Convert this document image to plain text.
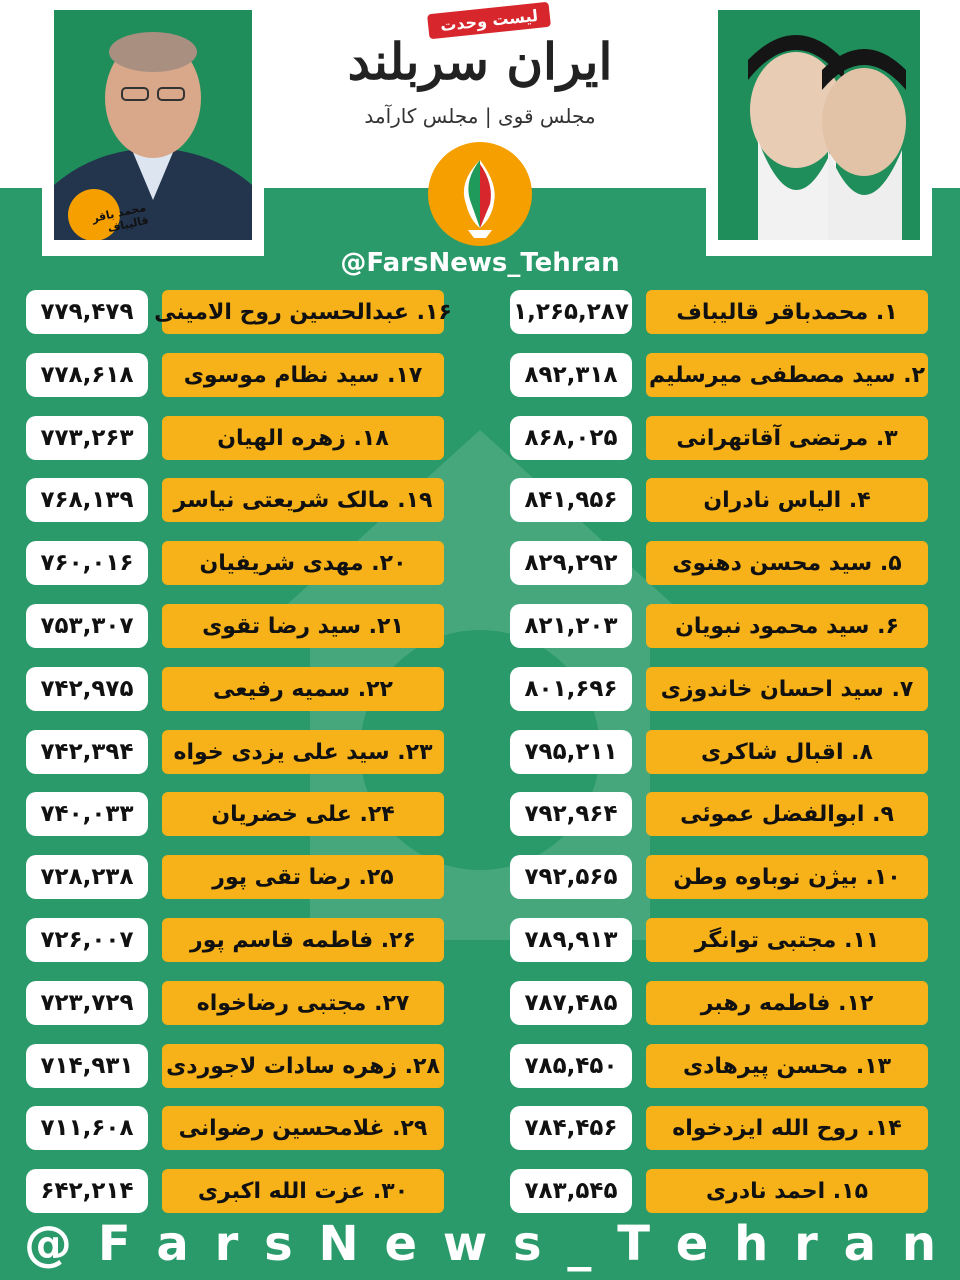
محمد باقر قالیباف
لیست وحدت
ایران سربلند
مجلس قوی | مجلس کارآمد
@FarsNews_Tehran
۷۷۹,۴۷۹ ۱۶. عبدالحسین روح الامینی
۷۷۸,۶۱۸	۱۷. سید نظام موسوی
۷۷۳,۲۶۳	۱۸. زهره الهیان
۷۶۸,۱۳۹	۱۹. مالک شریعتی نیاسر
۷۶۰,۰۱۶	۲۰. مهدی شریفیان
۷۵۳,۳۰۷	۲۱. سید رضا تقوی
۷۴۲,۹۷۵	۲۲. سمیه رفیعی
۷۴۲,۳۹۴	۲۳. سید علی یزدی خواه
۷۴۰,۰۳۳	۲۴. علی خضریان
۷۲۸,۲۳۸	۲۵. رضا تقی پور
۷۲۶,۰۰۷	۲۶. فاطمه قاسم پور
۷۲۳,۷۲۹	۲۷. مجتبی رضاخواه
۷۱۴,۹۳۱	۲۸. زهره سادات لاجوردی
۷۱۱,۶۰۸	۲۹. غلامحسین رضوانی
۶۴۲,۲۱۴	۳۰. عزت الله اکبری
۱,۲۶۵,۲۸۷	۱. محمدباقر قالیباف
۸۹۲,۳۱۸	۲. سید مصطفی میرسلیم
۸۶۸,۰۲۵	۳. مرتضی آقاتهرانی
۸۴۱,۹۵۶	۴. الیاس نادران
۸۲۹,۲۹۲	۵. سید محسن دهنوی
۸۲۱,۲۰۳	۶. سید محمود نبویان
۸۰۱,۶۹۶	۷. سید احسان خاندوزی
۷۹۵,۲۱۱	۸. اقبال شاکری
۷۹۲,۹۶۴	۹. ابوالفضل عموئی
۷۹۲,۵۶۵	۱۰. بیژن نوباوه وطن
۷۸۹,۹۱۳	۱۱. مجتبی توانگر
۷۸۷,۴۸۵	۱۲. فاطمه رهبر
۷۸۵,۴۵۰	۱۳. محسن پیرهادی
۷۸۴,۴۵۶	۱۴. روح الله ایزدخواه
۷۸۳,۵۴۵	۱۵. احمد نادری
@ F a r s N e w s _ T e h r a n
